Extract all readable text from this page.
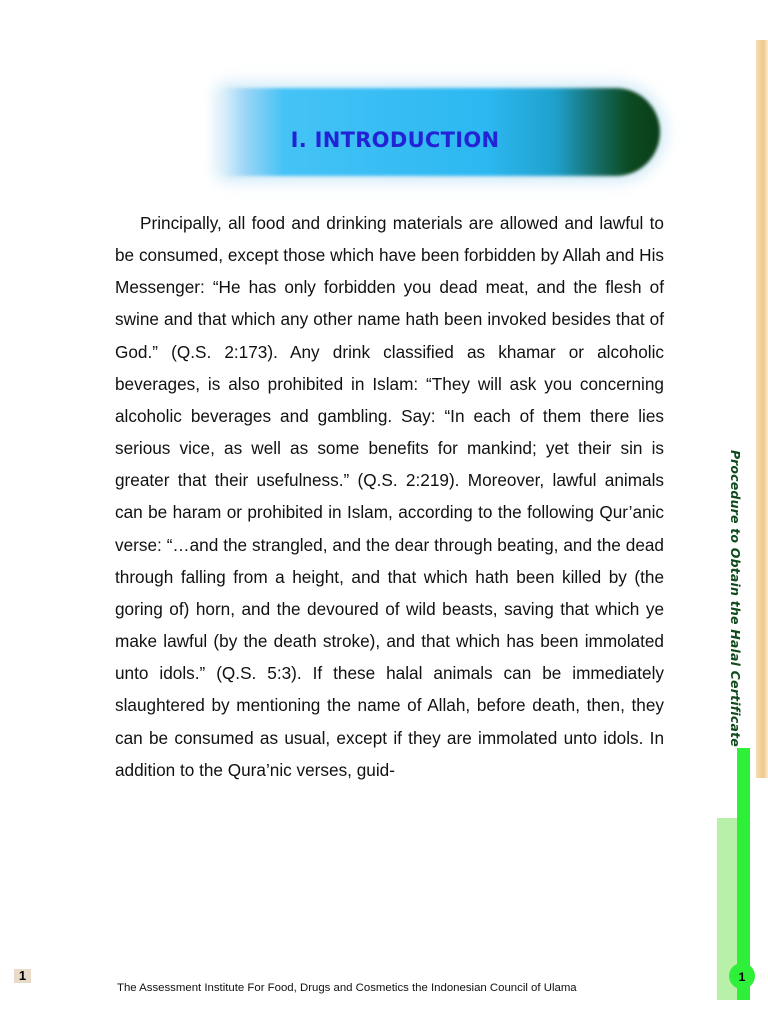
I. INTRODUCTION

Principally, all food and drinking materials are allowed and lawful to be consumed, except those which have been forbidden by Allah and His Messenger: “He has only forbidden you dead meat, and the flesh of swine and that which any other name hath been invoked besides that of God.” (Q.S. 2:173). Any drink classified as khamar or alcoholic beverages, is also prohibited in Islam: “They will ask you concerning alcoholic beverages and gambling. Say: “In each of them there lies serious vice, as well as some benefits for mankind; yet their sin is greater that their usefulness.” (Q.S. 2:219). Moreover, lawful animals can be haram or prohibited in Islam, according to the following Qur’anic verse: “…and the strangled, and the dear through beating, and the dead through falling from a height, and that which hath been killed by (the goring of) horn, and the devoured of wild beasts, saving that which ye make lawful (by the death stroke), and that which has been immolated unto idols.” (Q.S. 5:3). If these halal animals can be immediately slaughtered by mentioning the name of Allah, before death, then, they can be consumed as usual, except if they are immolated unto idols. In addition to the Qura’nic verses, guid-

Procedure to Obtain the Halal Certificate
1	1
The Assessment Institute For Food, Drugs and Cosmetics the Indonesian Council of Ulama
